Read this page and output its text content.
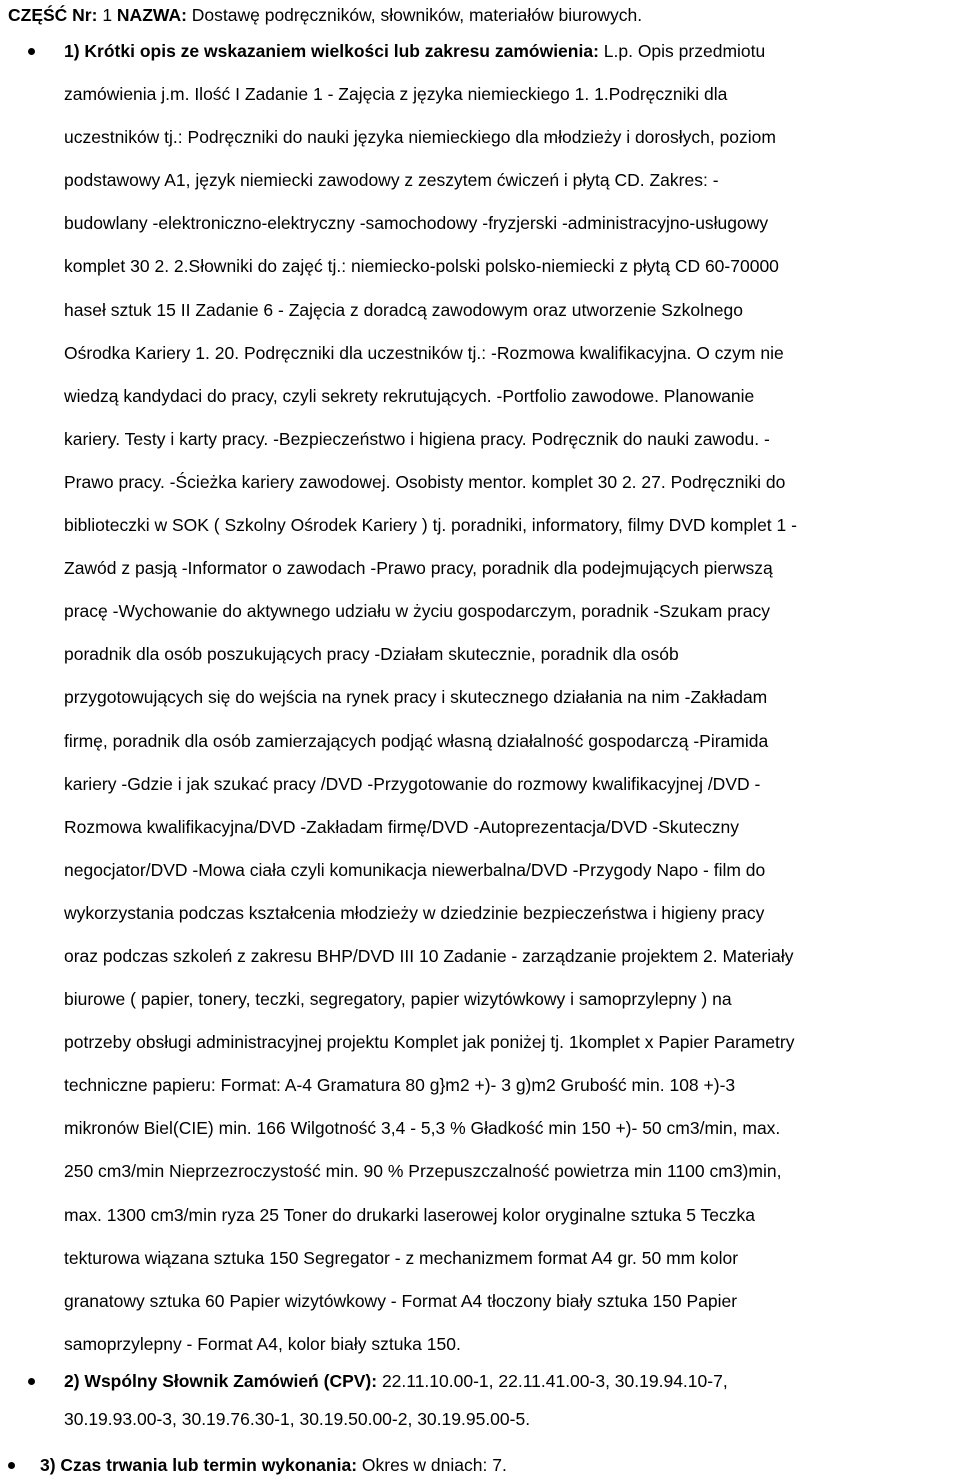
CZĘŚĆ Nr: 1 NAZWA: Dostawę podręczników, słowników, materiałów biurowych.
1) Krótki opis ze wskazaniem wielkości lub zakresu zamówienia: L.p. Opis przedmiotu
zamówienia j.m. Ilość I Zadanie 1 - Zajęcia z języka niemieckiego 1. 1.Podręczniki dla
uczestników tj.: Podręczniki do nauki języka niemieckiego dla młodzieży i dorosłych, poziom
podstawowy A1, język niemiecki zawodowy z zeszytem ćwiczeń i płytą CD. Zakres: -
budowlany -elektroniczno-elektryczny -samochodowy -fryzjerski -administracyjno-usługowy
komplet 30 2. 2.Słowniki do zajęć tj.: niemiecko-polski polsko-niemiecki z płytą CD 60-70000
haseł sztuk 15 II Zadanie 6 - Zajęcia z doradcą zawodowym oraz utworzenie Szkolnego
Ośrodka Kariery 1. 20. Podręczniki dla uczestników tj.: -Rozmowa kwalifikacyjna. O czym nie
wiedzą kandydaci do pracy, czyli sekrety rekrutujących. -Portfolio zawodowe. Planowanie
kariery. Testy i karty pracy. -Bezpieczeństwo i higiena pracy. Podręcznik do nauki zawodu. -
Prawo pracy. -Ścieżka kariery zawodowej. Osobisty mentor. komplet 30 2. 27. Podręczniki do
biblioteczki w SOK ( Szkolny Ośrodek Kariery ) tj. poradniki, informatory, filmy DVD komplet 1 -
Zawód z pasją -Informator o zawodach -Prawo pracy, poradnik dla podejmujących pierwszą
pracę -Wychowanie do aktywnego udziału w życiu gospodarczym, poradnik -Szukam pracy
poradnik dla osób poszukujących pracy -Działam skutecznie, poradnik dla osób
przygotowujących się do wejścia na rynek pracy i skutecznego działania na nim -Zakładam
firmę, poradnik dla osób zamierzających podjąć własną działalność gospodarczą -Piramida
kariery -Gdzie i jak szukać pracy /DVD -Przygotowanie do rozmowy kwalifikacyjnej /DVD -
Rozmowa kwalifikacyjna/DVD -Zakładam firmę/DVD -Autoprezentacja/DVD -Skuteczny
negocjator/DVD -Mowa ciała czyli komunikacja niewerbalna/DVD -Przygody Napo - film do
wykorzystania podczas kształcenia młodzieży w dziedzinie bezpieczeństwa i higieny pracy
oraz podczas szkoleń z zakresu BHP/DVD III 10 Zadanie - zarządzanie projektem 2. Materiały
biurowe ( papier, tonery, teczki, segregatory, papier wizytówkowy i samoprzylepny ) na
potrzeby obsługi administracyjnej projektu Komplet jak poniżej tj. 1komplet x Papier Parametry
techniczne papieru: Format: A-4 Gramatura 80 g}m2 +)- 3 g)m2 Grubość min. 108 +)-3
mikronów Biel(CIE) min. 166 Wilgotność 3,4 - 5,3 % Gładkość min 150 +)- 50 cm3/min, max.
250 cm3/min Nieprzezroczystość min. 90 % Przepuszczalność powietrza min 1100 cm3)min,
max. 1300 cm3/min ryza 25 Toner do drukarki laserowej kolor oryginalne sztuka 5 Teczka
tekturowa wiązana sztuka 150 Segregator - z mechanizmem format A4 gr. 50 mm kolor
granatowy sztuka 60 Papier wizytówkowy - Format A4 tłoczony biały sztuka 150 Papier
samoprzylepny - Format A4, kolor biały sztuka 150.
2) Wspólny Słownik Zamówień (CPV): 22.11.10.00-1, 22.11.41.00-3, 30.19.94.10-7,
30.19.93.00-3, 30.19.76.30-1, 30.19.50.00-2, 30.19.95.00-5.
3) Czas trwania lub termin wykonania: Okres w dniach: 7.
